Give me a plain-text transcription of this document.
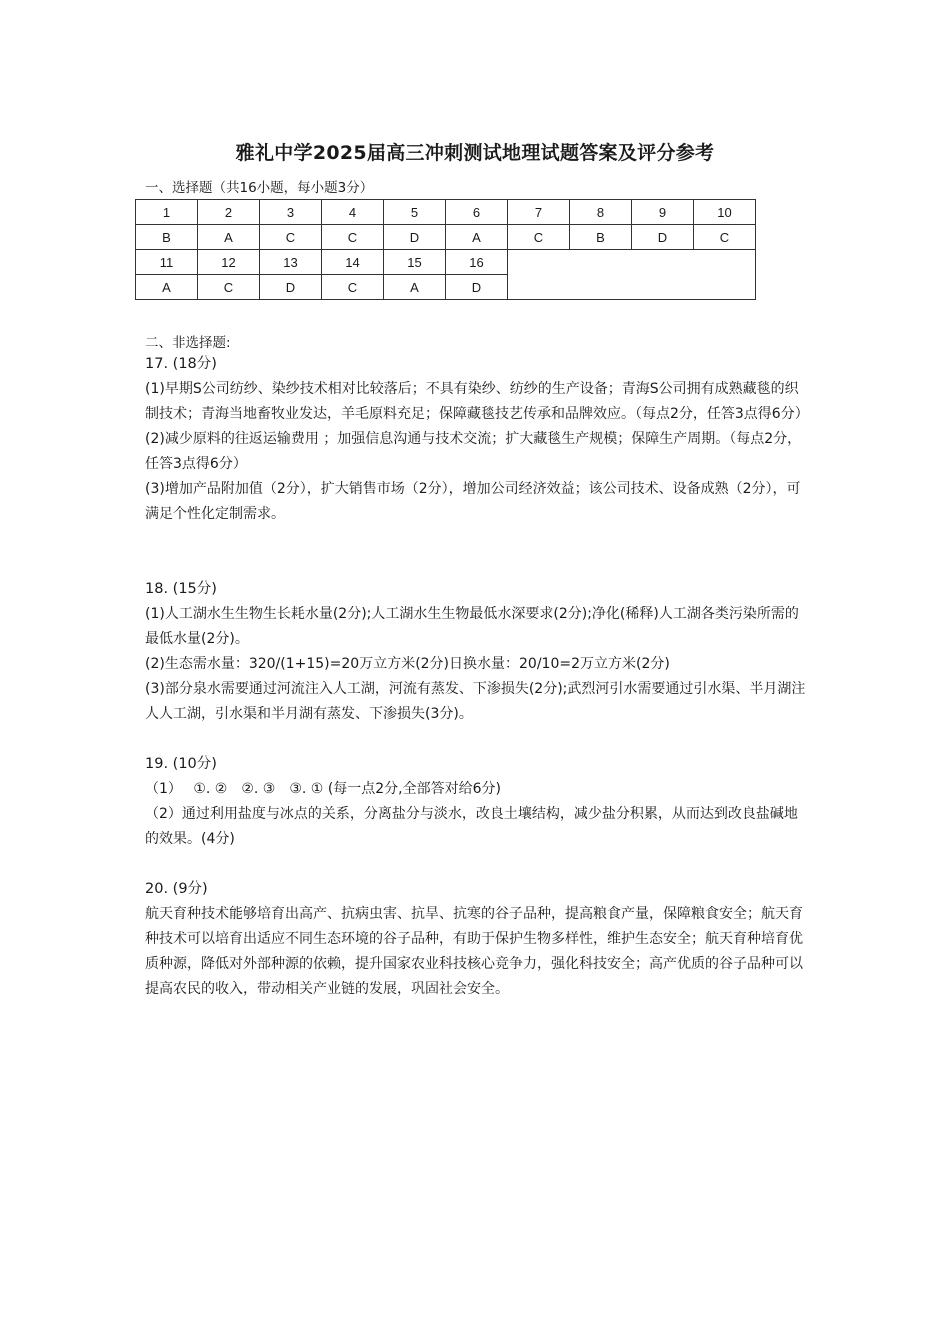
雅礼中学2025届高三冲刺测试地理试题答案及评分参考
一、选择题（共16小题，每小题3分）
1	2	3	4	5	6	7	8	9	10
B	A	C	C	D	A	C	B	D	C
11	12	13	14	15	16				
A	C	D	C	A	D				
二、非选择题:

17. (18分)

(1)早期S公司纺纱、染纱技术相对比较落后；不具有染纱、纺纱的生产设备；青海S公司拥有成熟藏毯的织制技术；青海当地畜牧业发达，羊毛原料充足；保障藏毯技艺传承和品牌效应。（每点2分，任答3点得6分）

(2)减少原料的往返运输费用 ；加强信息沟通与技术交流；扩大藏毯生产规模；保障生产周期。（每点2分，任答3点得6分）

(3)增加产品附加值（2分），扩大销售市场（2分），增加公司经济效益；该公司技术、设备成熟（2分），可满足个性化定制需求。

18. (15分)

(1)人工湖水生生物生长耗水量(2分);人工湖水生生物最低水深要求(2分);净化(稀释)人工湖各类污染所需的最低水量(2分)。

(2)生态需水量：320/(1+15)=20万立方米(2分)日换水量：20/10=2万立方米(2分)

(3)部分泉水需要通过河流注入人工湖，河流有蒸发、下渗损失(2分);武烈河引水需要通过引水渠、半月湖注人人工湖，引水渠和半月湖有蒸发、下渗损失(3分)。

19. (10分)

（1）　 ①. ②　②. ③　③. ① (每一点2分,全部答对给6分)

（2）通过利用盐度与冰点的关系，分离盐分与淡水，改良土壤结构，减少盐分积累，从而达到改良盐碱地的效果。(4分)

20. (9分)

航天育种技术能够培育出高产、抗病虫害、抗旱、抗寒的谷子品种，提高粮食产量，保障粮食安全；航天育种技术可以培育出适应不同生态环境的谷子品种，有助于保护生物多样性，维护生态安全；航天育种培育优质种源，降低对外部种源的依赖，提升国家农业科技核心竞争力，强化科技安全；高产优质的谷子品种可以提高农民的收入，带动相关产业链的发展，巩固社会安全。
